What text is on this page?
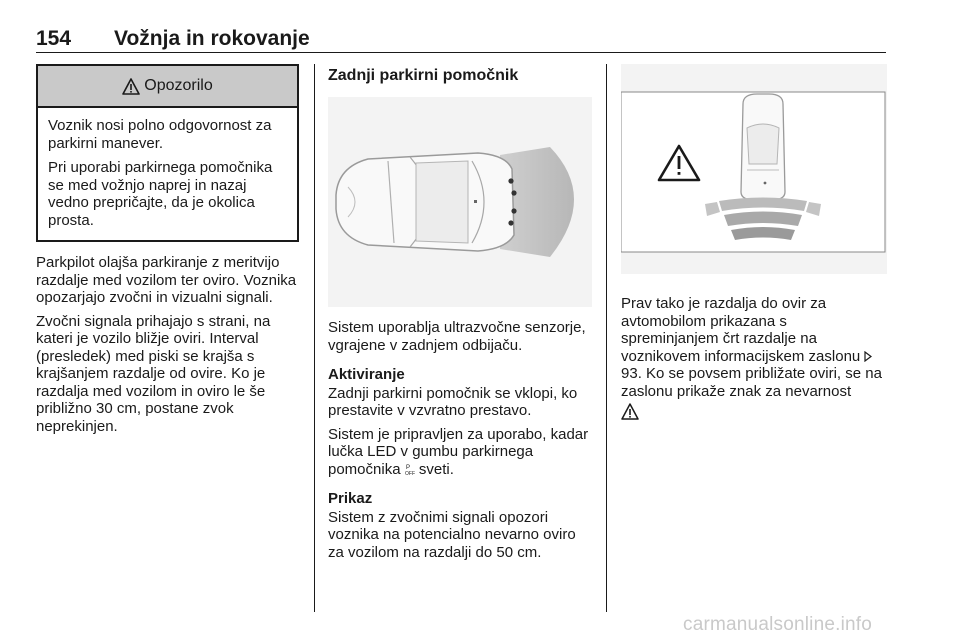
154 Vožnja in rokovanje
Opozorilo

Voznik nosi polno odgovornost za parkirni manever.

Pri uporabi parkirnega pomočnika se med vožnjo naprej in nazaj vedno prepričajte, da je okolica prosta.

Parkpilot olajša parkiranje z meritvijo razdalje med vozilom ter oviro. Voznika opozarjajo zvočni in vizualni signali.

Zvočni signala prihajajo s strani, na kateri je vozilo bližje oviri. Interval (presledek) med piski se krajša s krajšanjem razdalje od ovire. Ko je razdalja med vozilom in oviro le še približno 30 cm, postane zvok neprekinjen.

Zadnji parkirni pomočnik

Sistem uporablja ultrazvočne senzorje, vgrajene v zadnjem odbijaču.

Aktiviranje

Zadnji parkirni pomočnik se vklopi, ko prestavite v vzvratno prestavo.

Sistem je pripravljen za uporabo, kadar lučka LED v gumbu parkirnega pomočnika P
OFF sveti.

Prikaz

Sistem z zvočnimi signali opozori voznika na potencialno nevarno oviro za vozilom na razdalji do 50 cm.

Prav tako je razdalja do ovir za avtomobilom prikazana s spreminjanjem črt razdalje na voznikovem informacijskem zaslonu 93. Ko se povsem približate oviri, se na zaslonu prikaže znak za nevarnost

carmanualsonline.info
